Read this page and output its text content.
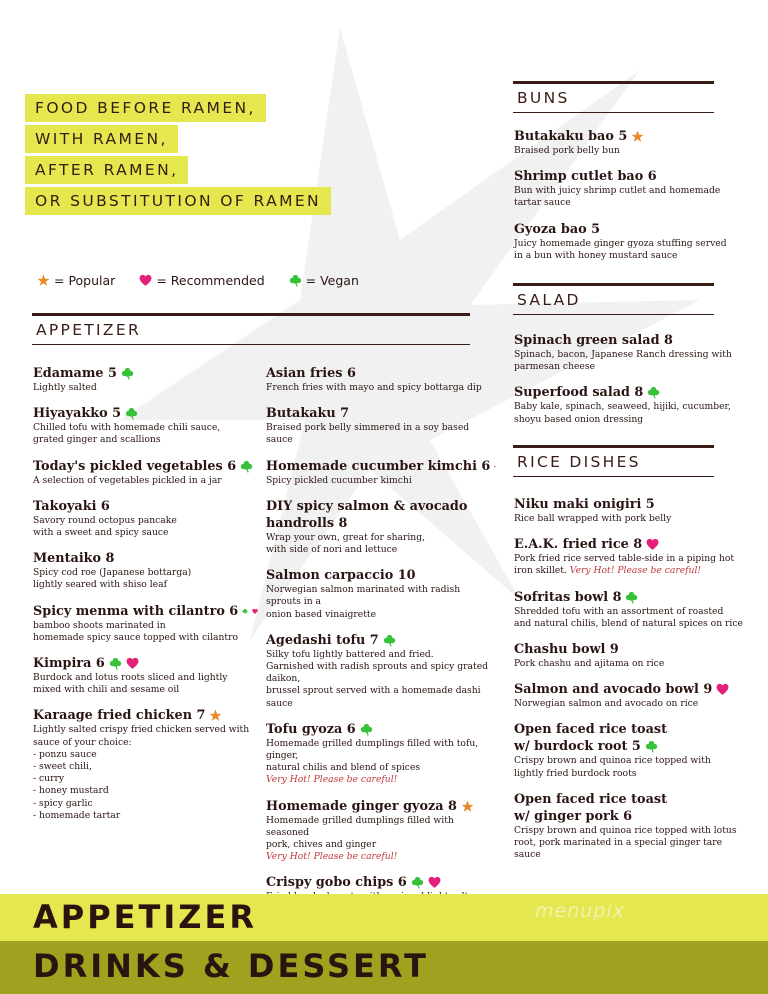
FOOD BEFORE RAMEN,
WITH RAMEN,
AFTER RAMEN,
OR SUBSTITUTION OF RAMEN
= Popular	= Recommended	= Vegan
APPETIZER
BUNS
SALAD
RICE DISHES
Edamame 5
Lightly salted
Hiyayakko 5
Chilled tofu with homemade chili sauce,
grated ginger and scallions
Today's pickled vegetables 6
A selection of vegetables pickled in a jar
Takoyaki 6
Savory round octopus pancake
with a sweet and spicy sauce
Mentaiko 8
Spicy cod roe (Japanese bottarga)
lightly seared with shiso leaf
Spicy menma with cilantro 6
bamboo shoots marinated in
homemade spicy sauce topped with cilantro
Kimpira 6
Burdock and lotus roots sliced and lightly
mixed with chili and sesame oil
Karaage fried chicken 7
Lightly salted crispy fried chicken served with
sauce of your choice:
- ponzu sauce
- sweet chili,
- curry
- honey mustard
- spicy garlic
- homemade tartar
Asian fries 6
French fries with mayo and spicy bottarga dip
Butakaku 7
Braised pork belly simmered in a soy based sauce
Homemade cucumber kimchi 6
Spicy pickled cucumber kimchi
DIY spicy salmon & avocado
handrolls 8
Wrap your own, great for sharing,
with side of nori and lettuce
Salmon carpaccio 10
Norwegian salmon marinated with radish sprouts in a
onion based vinaigrette
Agedashi tofu 7
Silky tofu lightly battered and fried.
Garnished with radish sprouts and spicy grated daikon,
brussel sprout served with a homemade dashi sauce
Tofu gyoza 6
Homemade grilled dumplings filled with tofu, ginger,
natural chilis and blend of spices
Very Hot! Please be careful!
Homemade ginger gyoza 8
Homemade grilled dumplings filled with seasoned
pork, chives and ginger
Very Hot! Please be careful!
Crispy gobo chips 6
Butakaku bao 5
Braised pork belly bun
Shrimp cutlet bao 6
Bun with juicy shrimp cutlet and homemade
tartar sauce
Gyoza bao 5
Juicy homemade ginger gyoza stuffing served
in a bun with honey mustard sauce
Spinach green salad 8
Spinach, bacon, Japanese Ranch dressing with
parmesan cheese
Superfood salad 8
Baby kale, spinach, seaweed, hijiki, cucumber,
shoyu based onion dressing
Niku maki onigiri 5
Rice ball wrapped with pork belly
E.A.K. fried rice 8
Pork fried rice served table-side in a piping hot
iron skillet. Very Hot! Please be careful!
Sofritas bowl 8
Shredded tofu with an assortment of roasted
and natural chilis, blend of natural spices on rice
Chashu bowl 9
Pork chashu and ajitama on rice
Salmon and avocado bowl 9
Norwegian salmon and avocado on rice
Open faced rice toast
w/ burdock root 5
Crispy brown and quinoa rice topped with
lightly fried burdock roots
Open faced rice toast
w/ ginger pork 6
Crispy brown and quinoa rice topped with lotus
root, pork marinated in a special ginger tare sauce
APPETIZER
DRINKS & DESSERT
menupix
